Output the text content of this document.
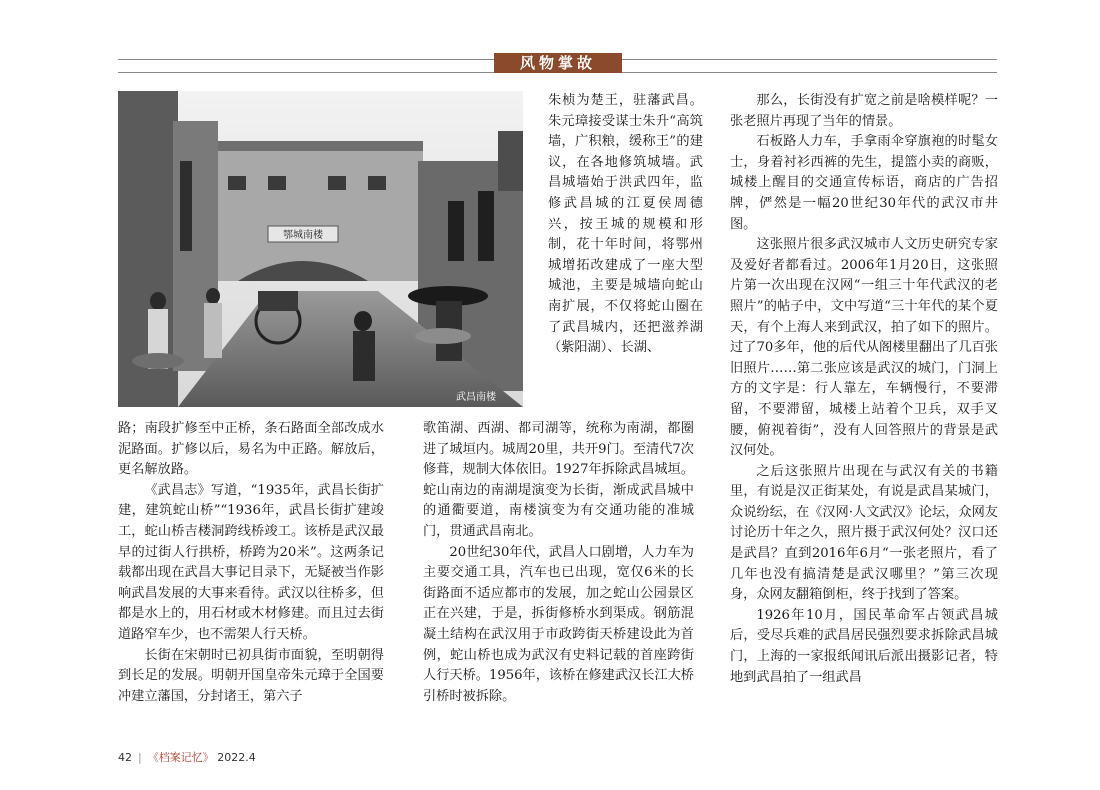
风物掌故
鄂城南楼
武昌南楼

朱桢为楚王，驻藩武昌。朱元璋接受谋士朱升“高筑墙，广积粮，缓称王”的建议，在各地修筑城墙。武昌城墙始于洪武四年，监修武昌城的江夏侯周德兴，按王城的规模和形制，花十年时间，将鄂州城增拓改建成了一座大型城池，主要是城墙向蛇山南扩展，不仅将蛇山圈在了武昌城内，还把滋养湖（紫阳湖）、长湖、

路；南段扩修至中正桥，条石路面全部改成水泥路面。扩修以后，易名为中正路。解放后，更名解放路。

《武昌志》写道，“1935年，武昌长街扩建，建筑蛇山桥”“1936年，武昌长街扩建竣工，蛇山桥吉楼洞跨线桥竣工。该桥是武汉最早的过街人行拱桥，桥跨为20米”。这两条记载都出现在武昌大事记目录下，无疑被当作影响武昌发展的大事来看待。武汉以往桥多，但都是水上的，用石材或木材修建。而且过去街道路窄车少，也不需架人行天桥。

长街在宋朝时已初具街市面貌，至明朝得到长足的发展。明朝开国皇帝朱元璋于全国要冲建立藩国，分封诸王，第六子

歌笛湖、西湖、都司湖等，统称为南湖，都圈进了城垣内。城周20里，共开9门。至清代7次修葺，规制大体依旧。1927年拆除武昌城垣。蛇山南边的南湖堤演变为长街，渐成武昌城中的通衢要道，南楼演变为有交通功能的准城门，贯通武昌南北。

20世纪30年代，武昌人口剧增，人力车为主要交通工具，汽车也已出现，宽仅6米的长街路面不适应都市的发展，加之蛇山公园景区正在兴建，于是，拆街修桥水到渠成。钢筋混凝土结构在武汉用于市政跨街天桥建设此为首例，蛇山桥也成为武汉有史料记载的首座跨街人行天桥。1956年，该桥在修建武汉长江大桥引桥时被拆除。

那么，长街没有扩宽之前是啥模样呢？一张老照片再现了当年的情景。

石板路人力车，手拿雨伞穿旗袍的时髦女士，身着衬衫西裤的先生，提篮小卖的商贩，城楼上醒目的交通宣传标语，商店的广告招牌，俨然是一幅20世纪30年代的武汉市井图。

这张照片很多武汉城市人文历史研究专家及爱好者都看过。2006年1月20日，这张照片第一次出现在汉网“一组三十年代武汉的老照片”的帖子中，文中写道“三十年代的某个夏天，有个上海人来到武汉，拍了如下的照片。过了70多年，他的后代从阁楼里翻出了几百张旧照片……第二张应该是武汉的城门，门洞上方的文字是：行人靠左，车辆慢行，不要滞留，不要滞留，城楼上站着个卫兵，双手叉腰，俯视着街”，没有人回答照片的背景是武汉何处。

之后这张照片出现在与武汉有关的书籍里，有说是汉正街某处，有说是武昌某城门，众说纷纭，在《汉网·人文武汉》论坛，众网友讨论历十年之久，照片摄于武汉何处？汉口还是武昌？直到2016年6月“一张老照片，看了几年也没有搞清楚是武汉哪里？”第三次现身，众网友翻箱倒柜，终于找到了答案。

1926年10月，国民革命军占领武昌城后，受尽兵难的武昌居民强烈要求拆除武昌城门，上海的一家报纸闻讯后派出摄影记者，特地到武昌拍了一组武昌

42 | 《档案记忆》 2022.4
